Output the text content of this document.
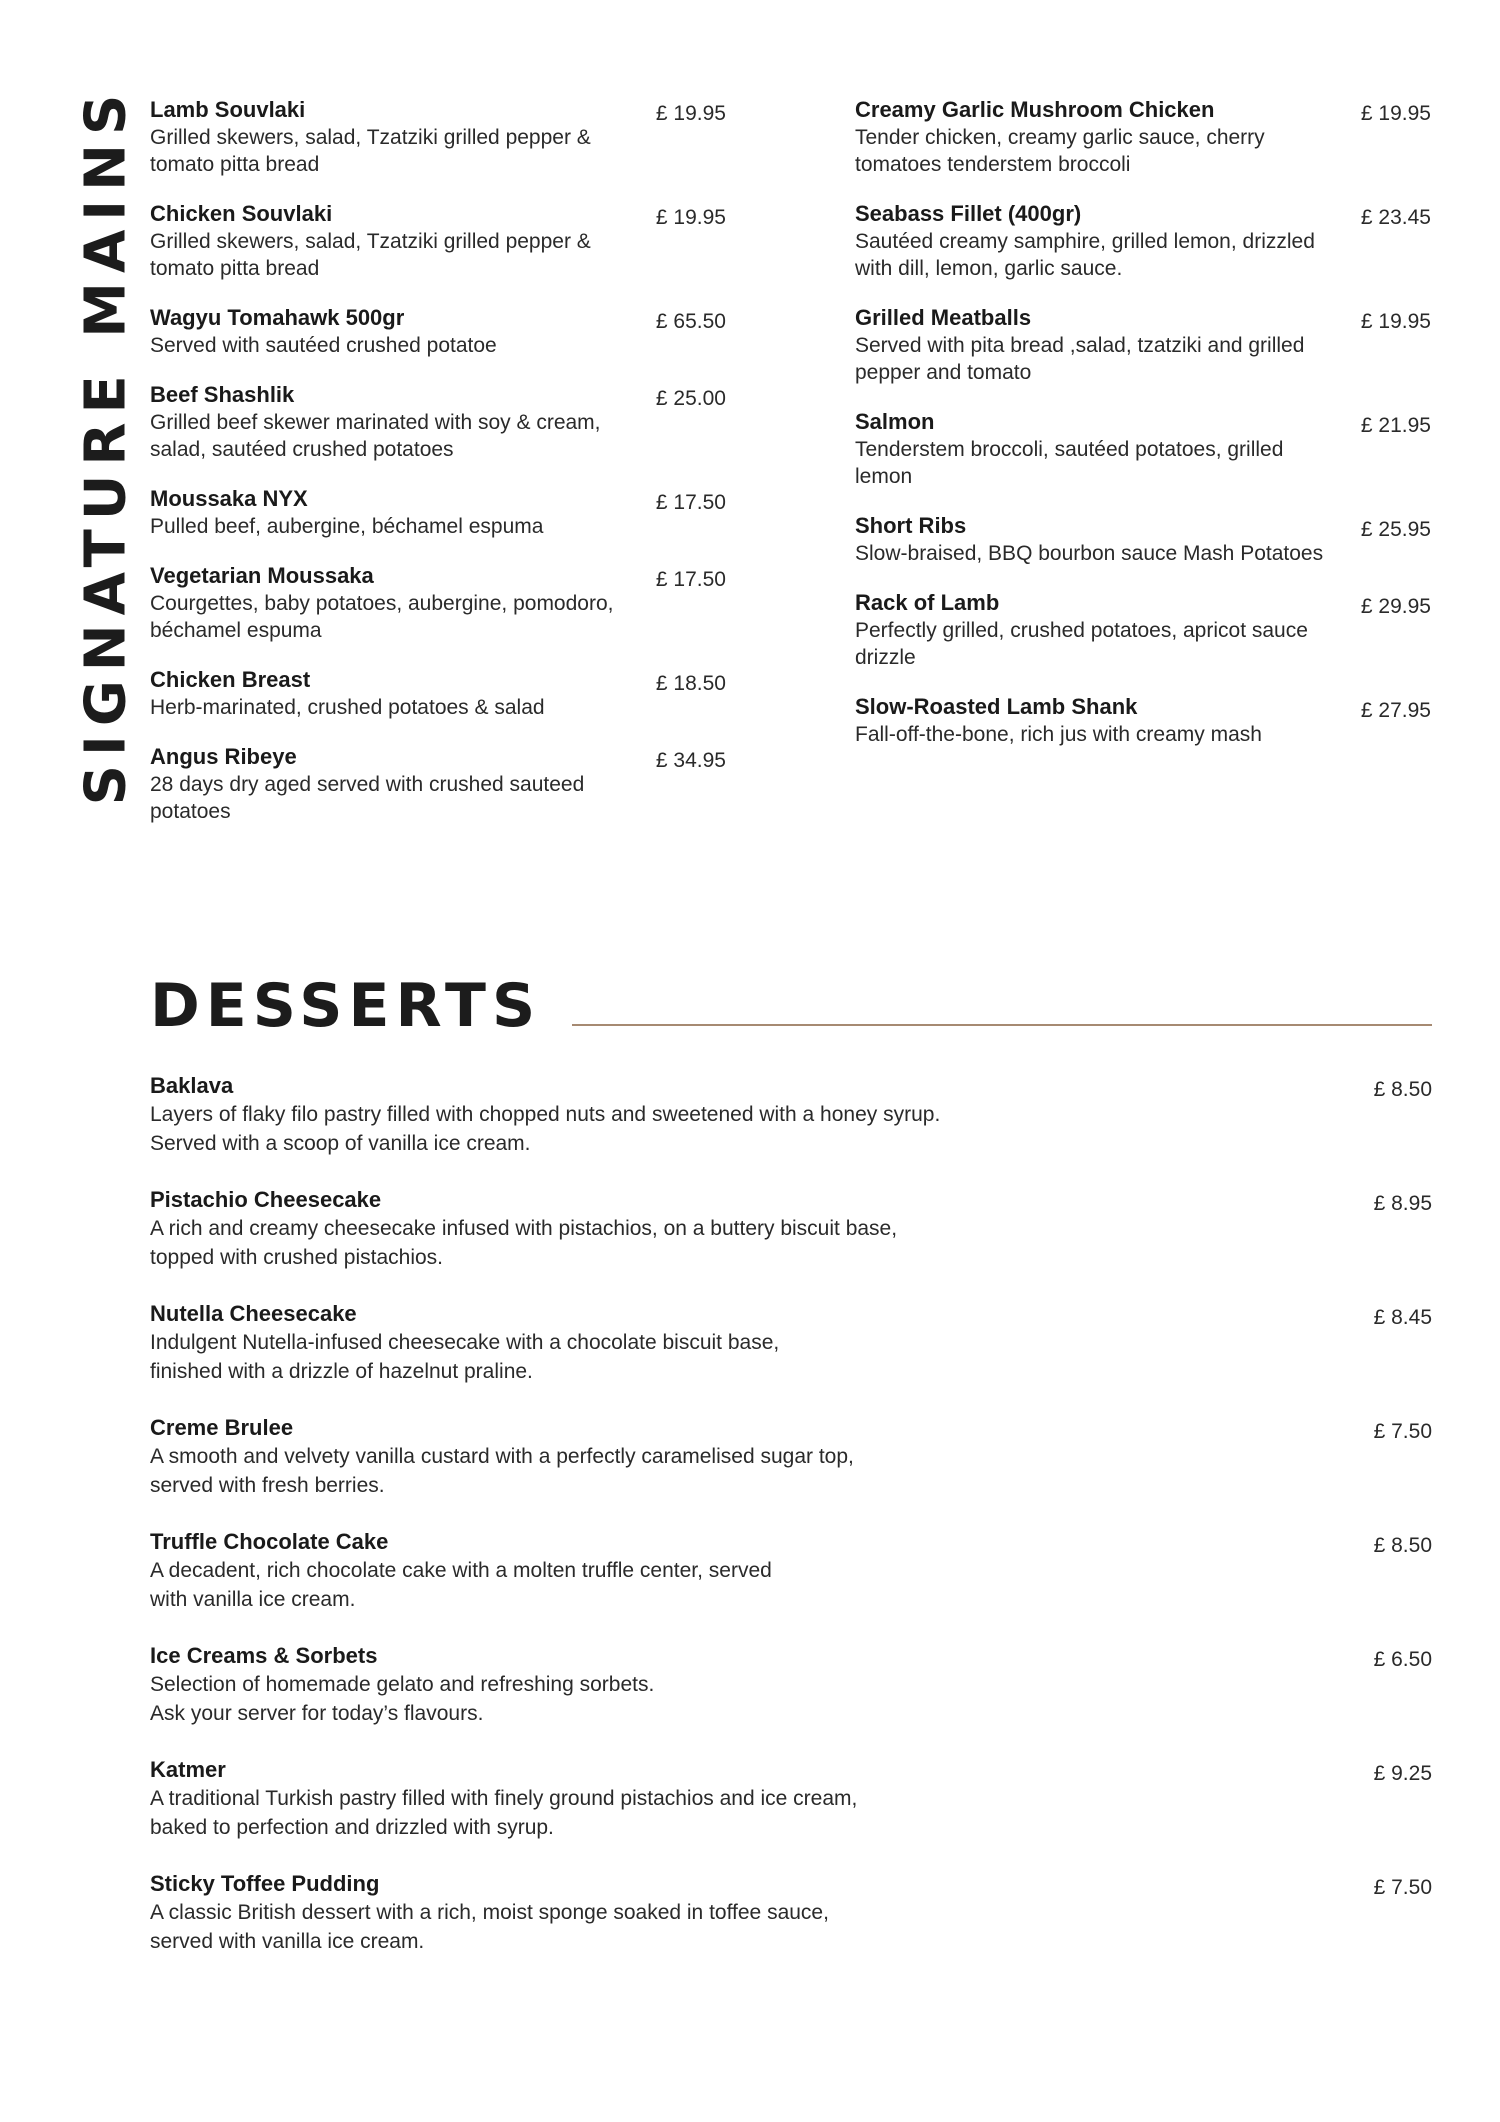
SIGNATURE MAINS Lamb Souvlaki
Grilled skewers, salad, Tzatziki grilled pepper & tomato pitta bread
£ 19.95
Chicken Souvlaki
Grilled skewers, salad, Tzatziki grilled pepper & tomato pitta bread
£ 19.95
Wagyu Tomahawk 500gr
Served with sautéed crushed potatoe
£ 65.50
Beef Shashlik
Grilled beef skewer marinated with soy & cream, salad, sautéed crushed potatoes
£ 25.00
Moussaka NYX
Pulled beef, aubergine, béchamel espuma
£ 17.50
Vegetarian Moussaka
Courgettes, baby potatoes, aubergine, pomodoro, béchamel espuma
£ 17.50
Chicken Breast
Herb-marinated, crushed potatoes & salad
£ 18.50
Angus Ribeye
28 days dry aged served with crushed sauteed potatoes
£ 34.95
Creamy Garlic Mushroom Chicken
Tender chicken, creamy garlic sauce, cherry tomatoes tenderstem broccoli
£ 19.95
Seabass Fillet (400gr)
Sautéed creamy samphire, grilled lemon, drizzled with dill, lemon, garlic sauce.
£ 23.45
Grilled Meatballs
Served with pita bread ,salad, tzatziki and grilled pepper and tomato
£ 19.95
Salmon
Tenderstem broccoli, sautéed potatoes, grilled lemon
£ 21.95
Short Ribs
Slow-braised, BBQ bourbon sauce Mash Potatoes
£ 25.95
Rack of Lamb
Perfectly grilled, crushed potatoes, apricot sauce drizzle
£ 29.95
Slow-Roasted Lamb Shank
Fall-off-the-bone, rich jus with creamy mash
£ 27.95
DESSERTS
Baklava
Layers of flaky filo pastry filled with chopped nuts and sweetened with a honey syrup.
Served with a scoop of vanilla ice cream.
£ 8.50
Pistachio Cheesecake
A rich and creamy cheesecake infused with pistachios, on a buttery biscuit base,
topped with crushed pistachios.
£ 8.95
Nutella Cheesecake
Indulgent Nutella-infused cheesecake with a chocolate biscuit base,
finished with a drizzle of hazelnut praline.
£ 8.45
Creme Brulee
A smooth and velvety vanilla custard with a perfectly caramelised sugar top,
served with fresh berries.
£ 7.50
Truffle Chocolate Cake
A decadent, rich chocolate cake with a molten truffle center, served
with vanilla ice cream.
£ 8.50
Ice Creams & Sorbets
Selection of homemade gelato and refreshing sorbets.
Ask your server for today’s flavours.
£ 6.50
Katmer
A traditional Turkish pastry filled with finely ground pistachios and ice cream,
baked to perfection and drizzled with syrup.
£ 9.25
Sticky Toffee Pudding
A classic British dessert with a rich, moist sponge soaked in toffee sauce,
served with vanilla ice cream.
£ 7.50
